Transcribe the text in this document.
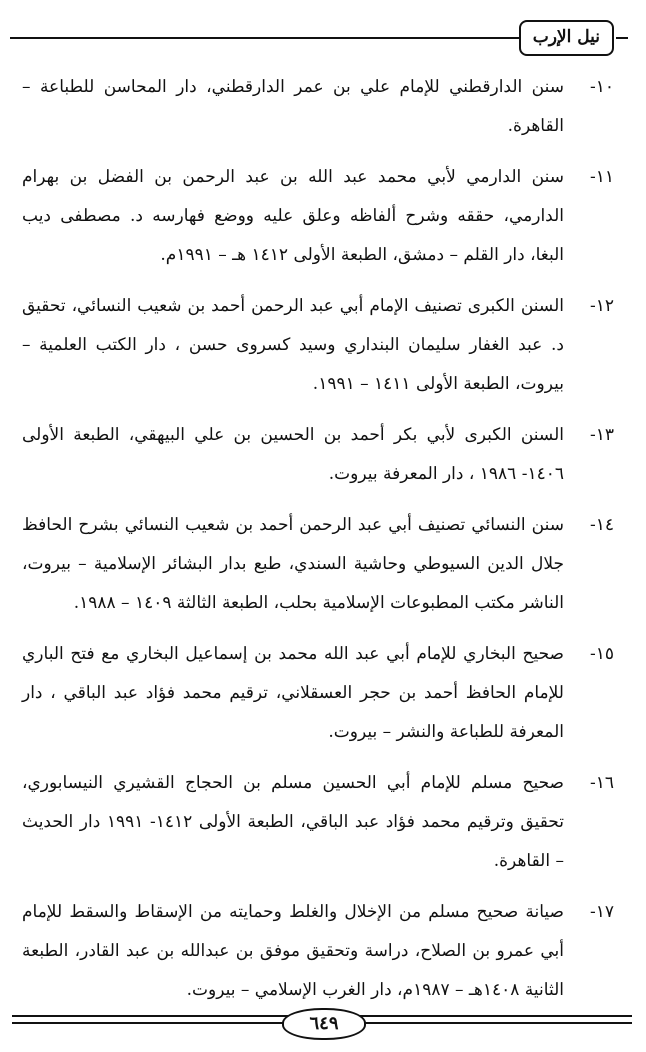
نيل الإرب
١٠-
سنن الدارقطني للإمام علي بن عمر الدارقطني، دار المحاسن للطباعة – القاهرة.
١١-
سنن الدارمي لأبي محمد عبد الله بن عبد الرحمن بن الفضل بن بهرام الدارمي، حققه وشرح ألفاظه وعلق عليه ووضع فهارسه د. مصطفى ديب البغا، دار القلم – دمشق، الطبعة الأولى ١٤١٢ هـ – ١٩٩١م.
١٢-
السنن الكبرى تصنيف الإمام أبي عبد الرحمن أحمد بن شعيب النسائي، تحقيق د. عبد الغفار سليمان البنداري وسيد كسروى حسن ، دار الكتب العلمية – بيروت، الطبعة الأولى ١٤١١ – ١٩٩١.
١٣-
السنن الكبرى لأبي بكر أحمد بن الحسين بن علي البيهقي، الطبعة الأولى ١٤٠٦- ١٩٨٦ ، دار المعرفة بيروت.
١٤-
سنن النسائي تصنيف أبي عبد الرحمن أحمد بن شعيب النسائي بشرح الحافظ جلال الدين السيوطي وحاشية السندي، طبع بدار البشائر الإسلامية – بيروت، الناشر مكتب المطبوعات الإسلامية بحلب، الطبعة الثالثة ١٤٠٩ – ١٩٨٨.
١٥-
صحيح البخاري للإمام أبي عبد الله محمد بن إسماعيل البخاري مع فتح الباري للإمام الحافظ أحمد بن حجر العسقلاني، ترقيم محمد فؤاد عبد الباقي ، دار المعرفة للطباعة والنشر – بيروت.
١٦-
صحيح مسلم للإمام أبي الحسين مسلم بن الحجاج القشيري النيسابوري، تحقيق وترقيم محمد فؤاد عبد الباقي، الطبعة الأولى ١٤١٢- ١٩٩١ دار الحديث – القاهرة.
١٧-
صيانة صحيح مسلم من الإخلال والغلط وحمايته من الإسقاط والسقط للإمام أبي عمرو بن الصلاح، دراسة وتحقيق موفق بن عبدالله بن عبد القادر، الطبعة الثانية ١٤٠٨هـ – ١٩٨٧م، دار الغرب الإسلامي – بيروت.
٦٤٩
